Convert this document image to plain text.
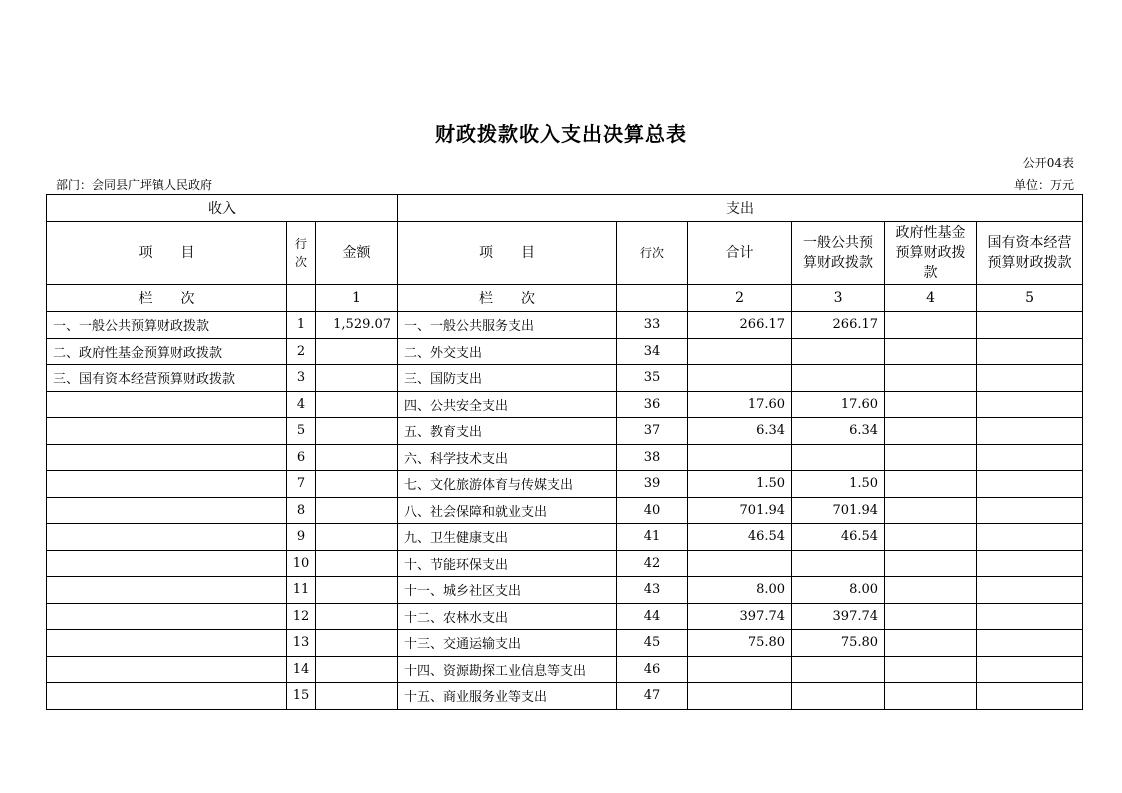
财政拨款收入支出决算总表
公开04表
部门：会同县广坪镇人民政府	单位：万元
收入			支出					
项　　目	行次	金额	项　　目	行次	合计	一般公共预算财政拨款	政府性基金预算财政拨款	国有资本经营预算财政拨款
栏　　次		1	栏　　次		2	3	4	5
一、一般公共预算财政拨款	1	1,529.07	一、一般公共服务支出	33	266.17	266.17		
二、政府性基金预算财政拨款	2		二、外交支出	34				
三、国有资本经营预算财政拨款	3		三、国防支出	35				
	4		四、公共安全支出	36	17.60	17.60		
	5		五、教育支出	37	6.34	6.34		
	6		六、科学技术支出	38				
	7		七、文化旅游体育与传媒支出	39	1.50	1.50		
	8		八、社会保障和就业支出	40	701.94	701.94		
	9		九、卫生健康支出	41	46.54	46.54		
	10		十、节能环保支出	42				
	11		十一、城乡社区支出	43	8.00	8.00		
	12		十二、农林水支出	44	397.74	397.74		
	13		十三、交通运输支出	45	75.80	75.80		
	14		十四、资源勘探工业信息等支出	46				
	15		十五、商业服务业等支出	47				
